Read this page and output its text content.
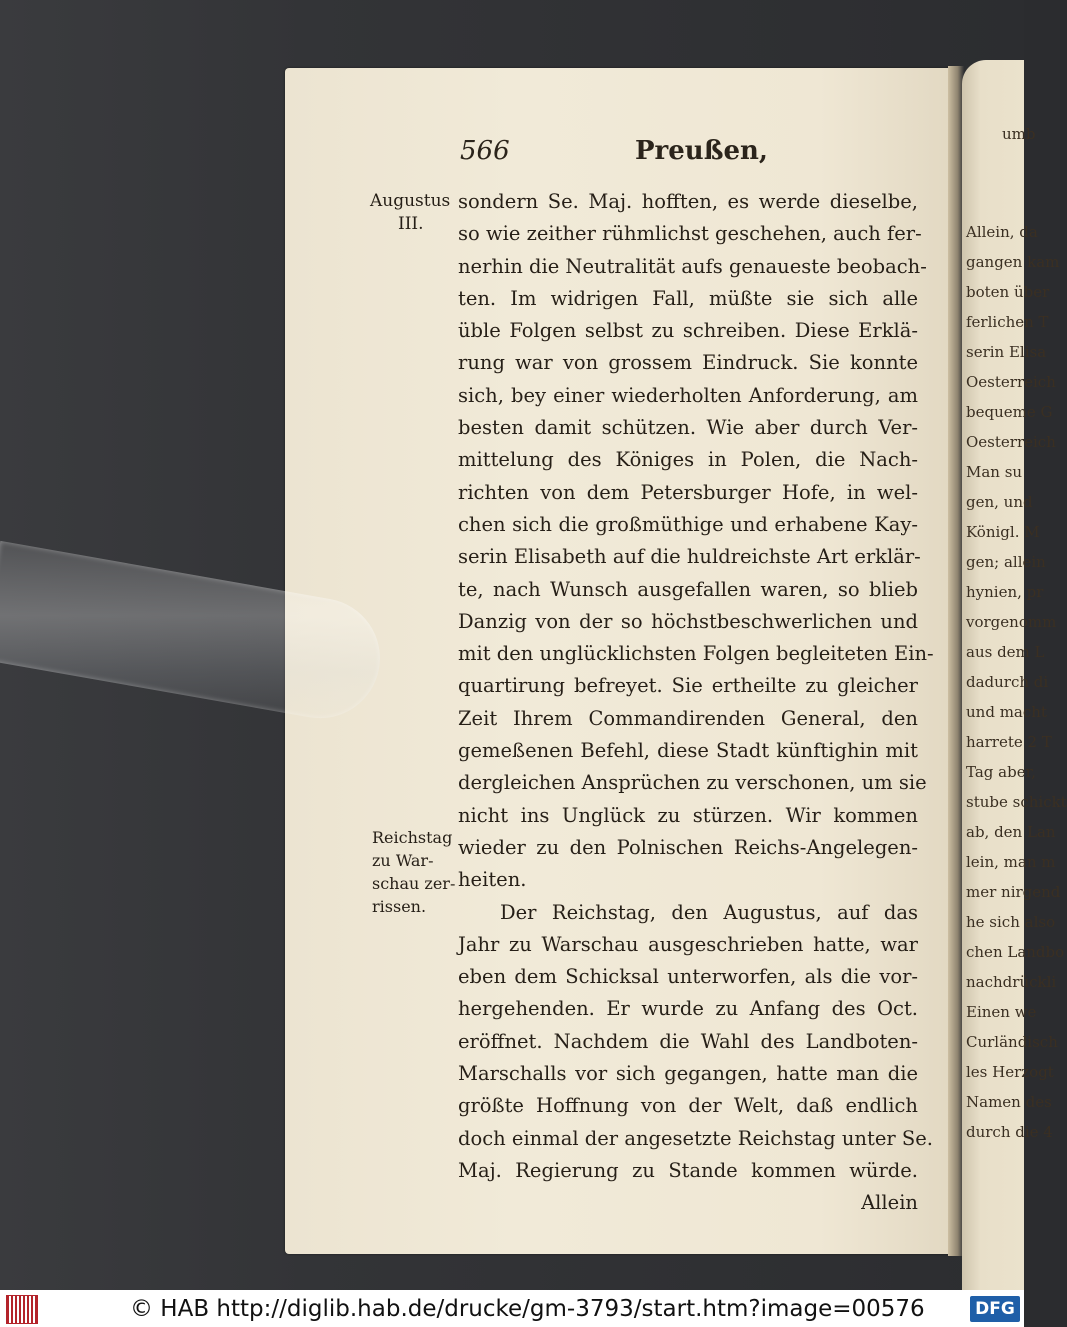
umb
Allein, da
gangen kam
boten über
ferlichen T
serin Elisa
Oesterreich
bequeme G
Oesterreich
Man su
gen, und
Königl. M
gen; allein
hynien, pr
vorgenomm
aus dem L
dadurch di
und macht
harrete 2 T
Tag aber,
stube schickt
ab, den Lan
lein, man m
mer nirgend
he sich also
chen Landbo
nachdrückli
Einen we
Curländisch
les Herzogt
Namen des
durch die 4
566	Preußen,
Augustus
III.
Reichstag
zu War-
schau zer-
rissen.
sondern Se. Maj. hofften, es werde dieselbe,
so wie zeither rühmlichst geschehen, auch fer-
nerhin die Neutralität aufs genaueste beobach-
ten. Im widrigen Fall, müßte sie sich alle
üble Folgen selbst zu schreiben. Diese Erklä-
rung war von grossem Eindruck. Sie konnte
sich, bey einer wiederholten Anforderung, am
besten damit schützen. Wie aber durch Ver-
mittelung des Königes in Polen, die Nach-
richten von dem Petersburger Hofe, in wel-
chen sich die großmüthige und erhabene Kay-
serin Elisabeth auf die huldreichste Art erklär-
te, nach Wunsch ausgefallen waren, so blieb
Danzig von der so höchstbeschwerlichen und
mit den unglücklichsten Folgen begleiteten Ein-
quartirung befreyet. Sie ertheilte zu gleicher
Zeit Ihrem Commandirenden General, den
gemeßenen Befehl, diese Stadt künftighin mit
dergleichen Ansprüchen zu verschonen, um sie
nicht ins Unglück zu stürzen. Wir kommen
wieder zu den Polnischen Reichs-Angelegen-
heiten.
Der Reichstag, den Augustus, auf das
Jahr zu Warschau ausgeschrieben hatte, war
eben dem Schicksal unterworfen, als die vor-
hergehenden. Er wurde zu Anfang des Oct.
eröffnet. Nachdem die Wahl des Landboten-
Marschalls vor sich gegangen, hatte man die
größte Hoffnung von der Welt, daß endlich
doch einmal der angesetzte Reichstag unter Se.
Maj. Regierung zu Stande kommen würde.
Allein
© HAB http://diglib.hab.de/drucke/gm-3793/start.htm?image=00576	DFG
